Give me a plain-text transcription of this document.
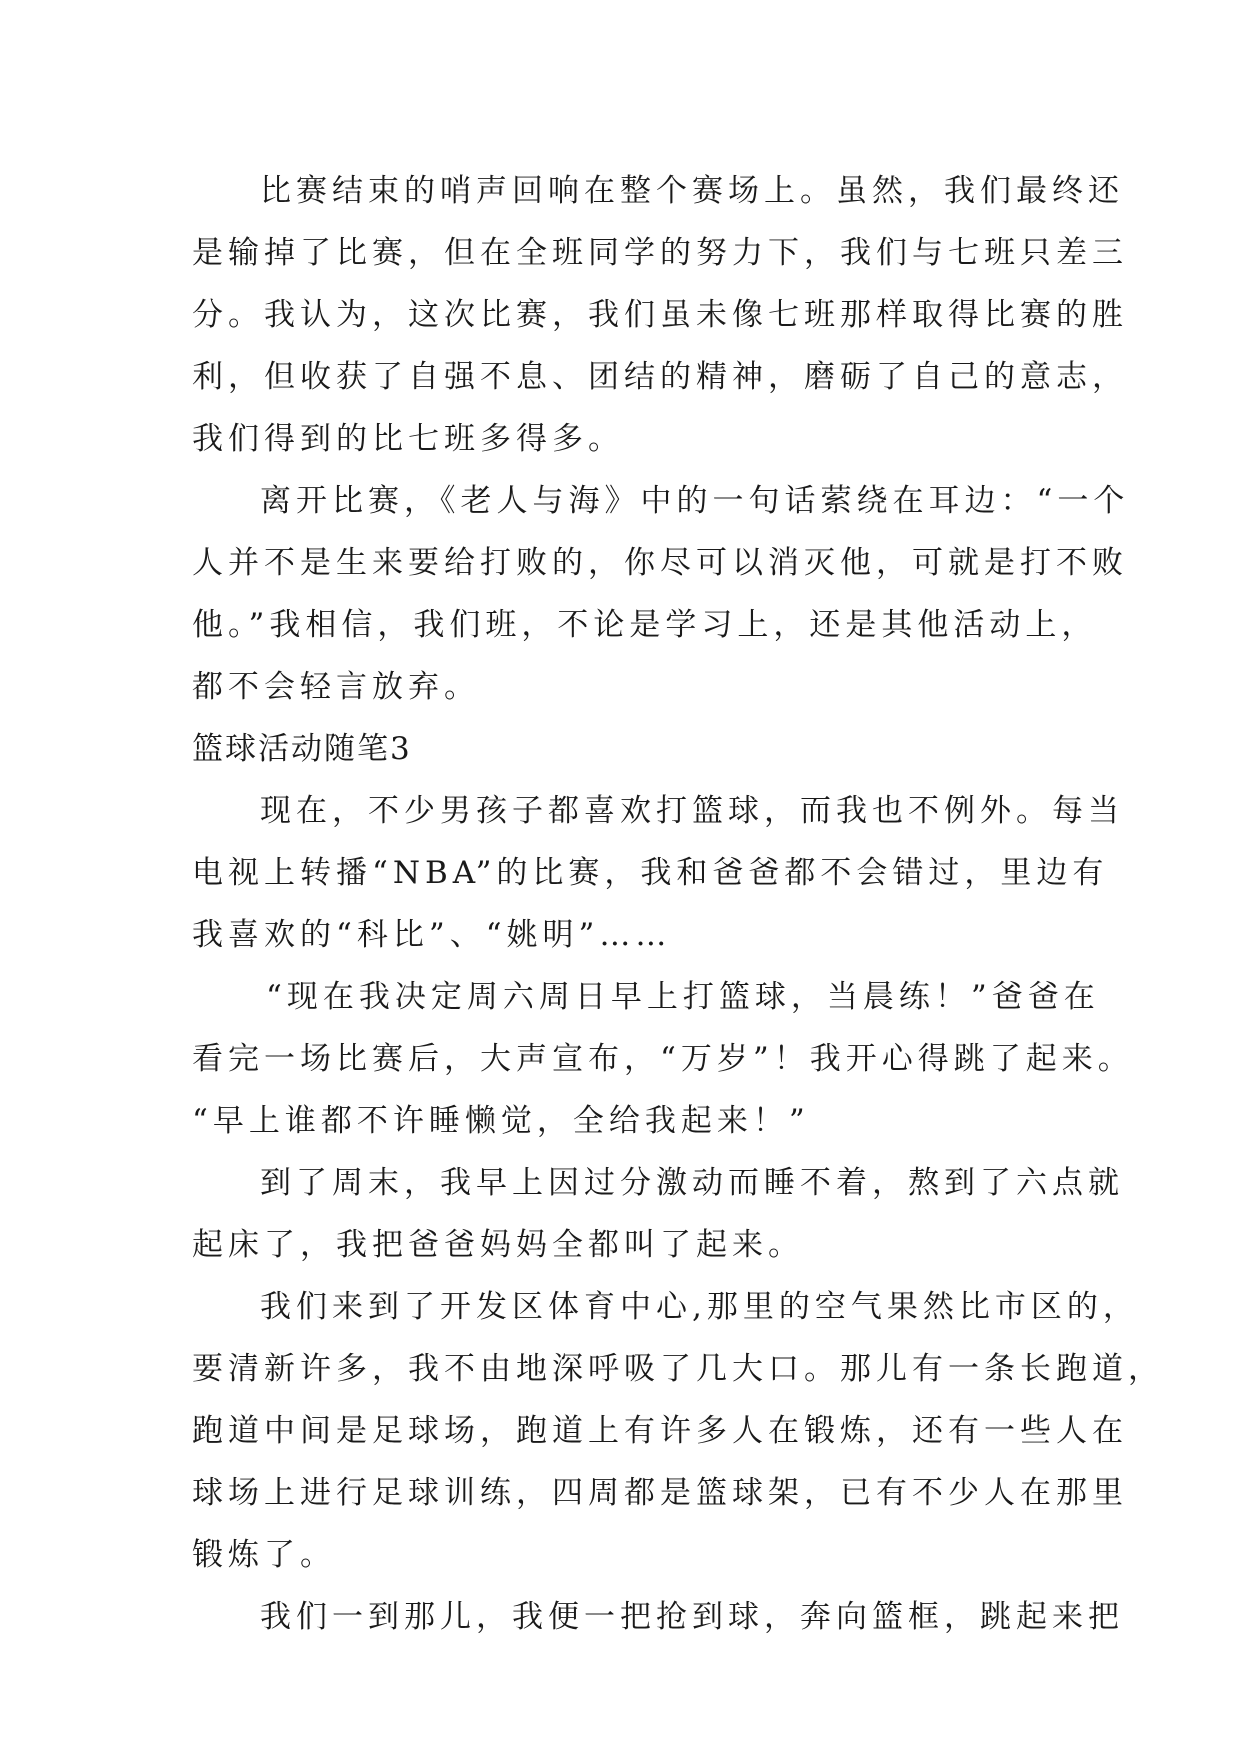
比赛结束的哨声回响在整个赛场上。虽然，我们最终还
是输掉了比赛，但在全班同学的努力下，我们与七班只差三
分。我认为，这次比赛，我们虽未像七班那样取得比赛的胜
利，但收获了自强不息、团结的精神，磨砺了自己的意志，
我们得到的比七班多得多。
离开比赛，《老人与海》中的一句话萦绕在耳边：“一个
人并不是生来要给打败的，你尽可以消灭他，可就是打不败
他。”我相信，我们班，不论是学习上，还是其他活动上，
都不会轻言放弃。
篮球活动随笔3
现在，不少男孩子都喜欢打篮球，而我也不例外。每当
电视上转播“NBA”的比赛，我和爸爸都不会错过，里边有
我喜欢的“科比”、“姚明”……
“现在我决定周六周日早上打篮球，当晨练！”爸爸在
看完一场比赛后，大声宣布，“万岁”！我开心得跳了起来。
“早上谁都不许睡懒觉，全给我起来！”
到了周末，我早上因过分激动而睡不着，熬到了六点就
起床了，我把爸爸妈妈全都叫了起来。
我们来到了开发区体育中心,那里的空气果然比市区的，
要清新许多，我不由地深呼吸了几大口。那儿有一条长跑道，
跑道中间是足球场，跑道上有许多人在锻炼，还有一些人在
球场上进行足球训练，四周都是篮球架，已有不少人在那里
锻炼了。
我们一到那儿，我便一把抢到球，奔向篮框，跳起来把
